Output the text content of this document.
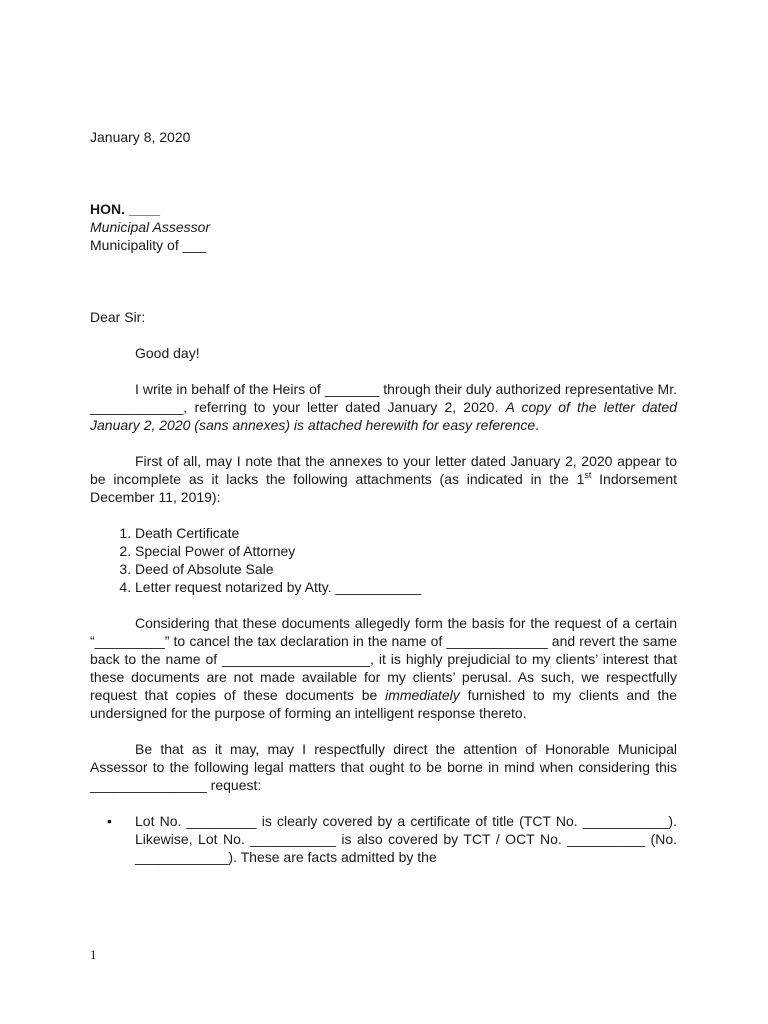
January 8, 2020

HON. ____
Municipal Assessor
Municipality of ___

Dear Sir:

Good day!

I write in behalf of the Heirs of _______ through their duly authorized representative Mr. ____________, referring to your letter dated January 2, 2020. A copy of the letter dated January 2, 2020 (sans annexes) is attached herewith for easy reference.

First of all, may I note that the annexes to your letter dated January 2, 2020 appear to be incomplete as it lacks the following attachments (as indicated in the 1st Indorsement December 11, 2019):

1. Death Certificate
2. Special Power of Attorney
3. Deed of Absolute Sale
4. Letter request notarized by Atty. ___________

Considering that these documents allegedly form the basis for the request of a certain “_________” to cancel the tax declaration in the name of _____________ and revert the same back to the name of ___________________, it is highly prejudicial to my clients’ interest that these documents are not made available for my clients’ perusal. As such, we respectfully request that copies of these documents be immediately furnished to my clients and the undersigned for the purpose of forming an intelligent response thereto.

Be that as it may, may I respectfully direct the attention of Honorable Municipal Assessor to the following legal matters that ought to be borne in mind when considering this _______________ request:

• Lot No. _________ is clearly covered by a certificate of title (TCT No. ___________). Likewise, Lot No. ___________ is also covered by TCT / OCT No. __________ (No. ____________). These are facts admitted by the
1
